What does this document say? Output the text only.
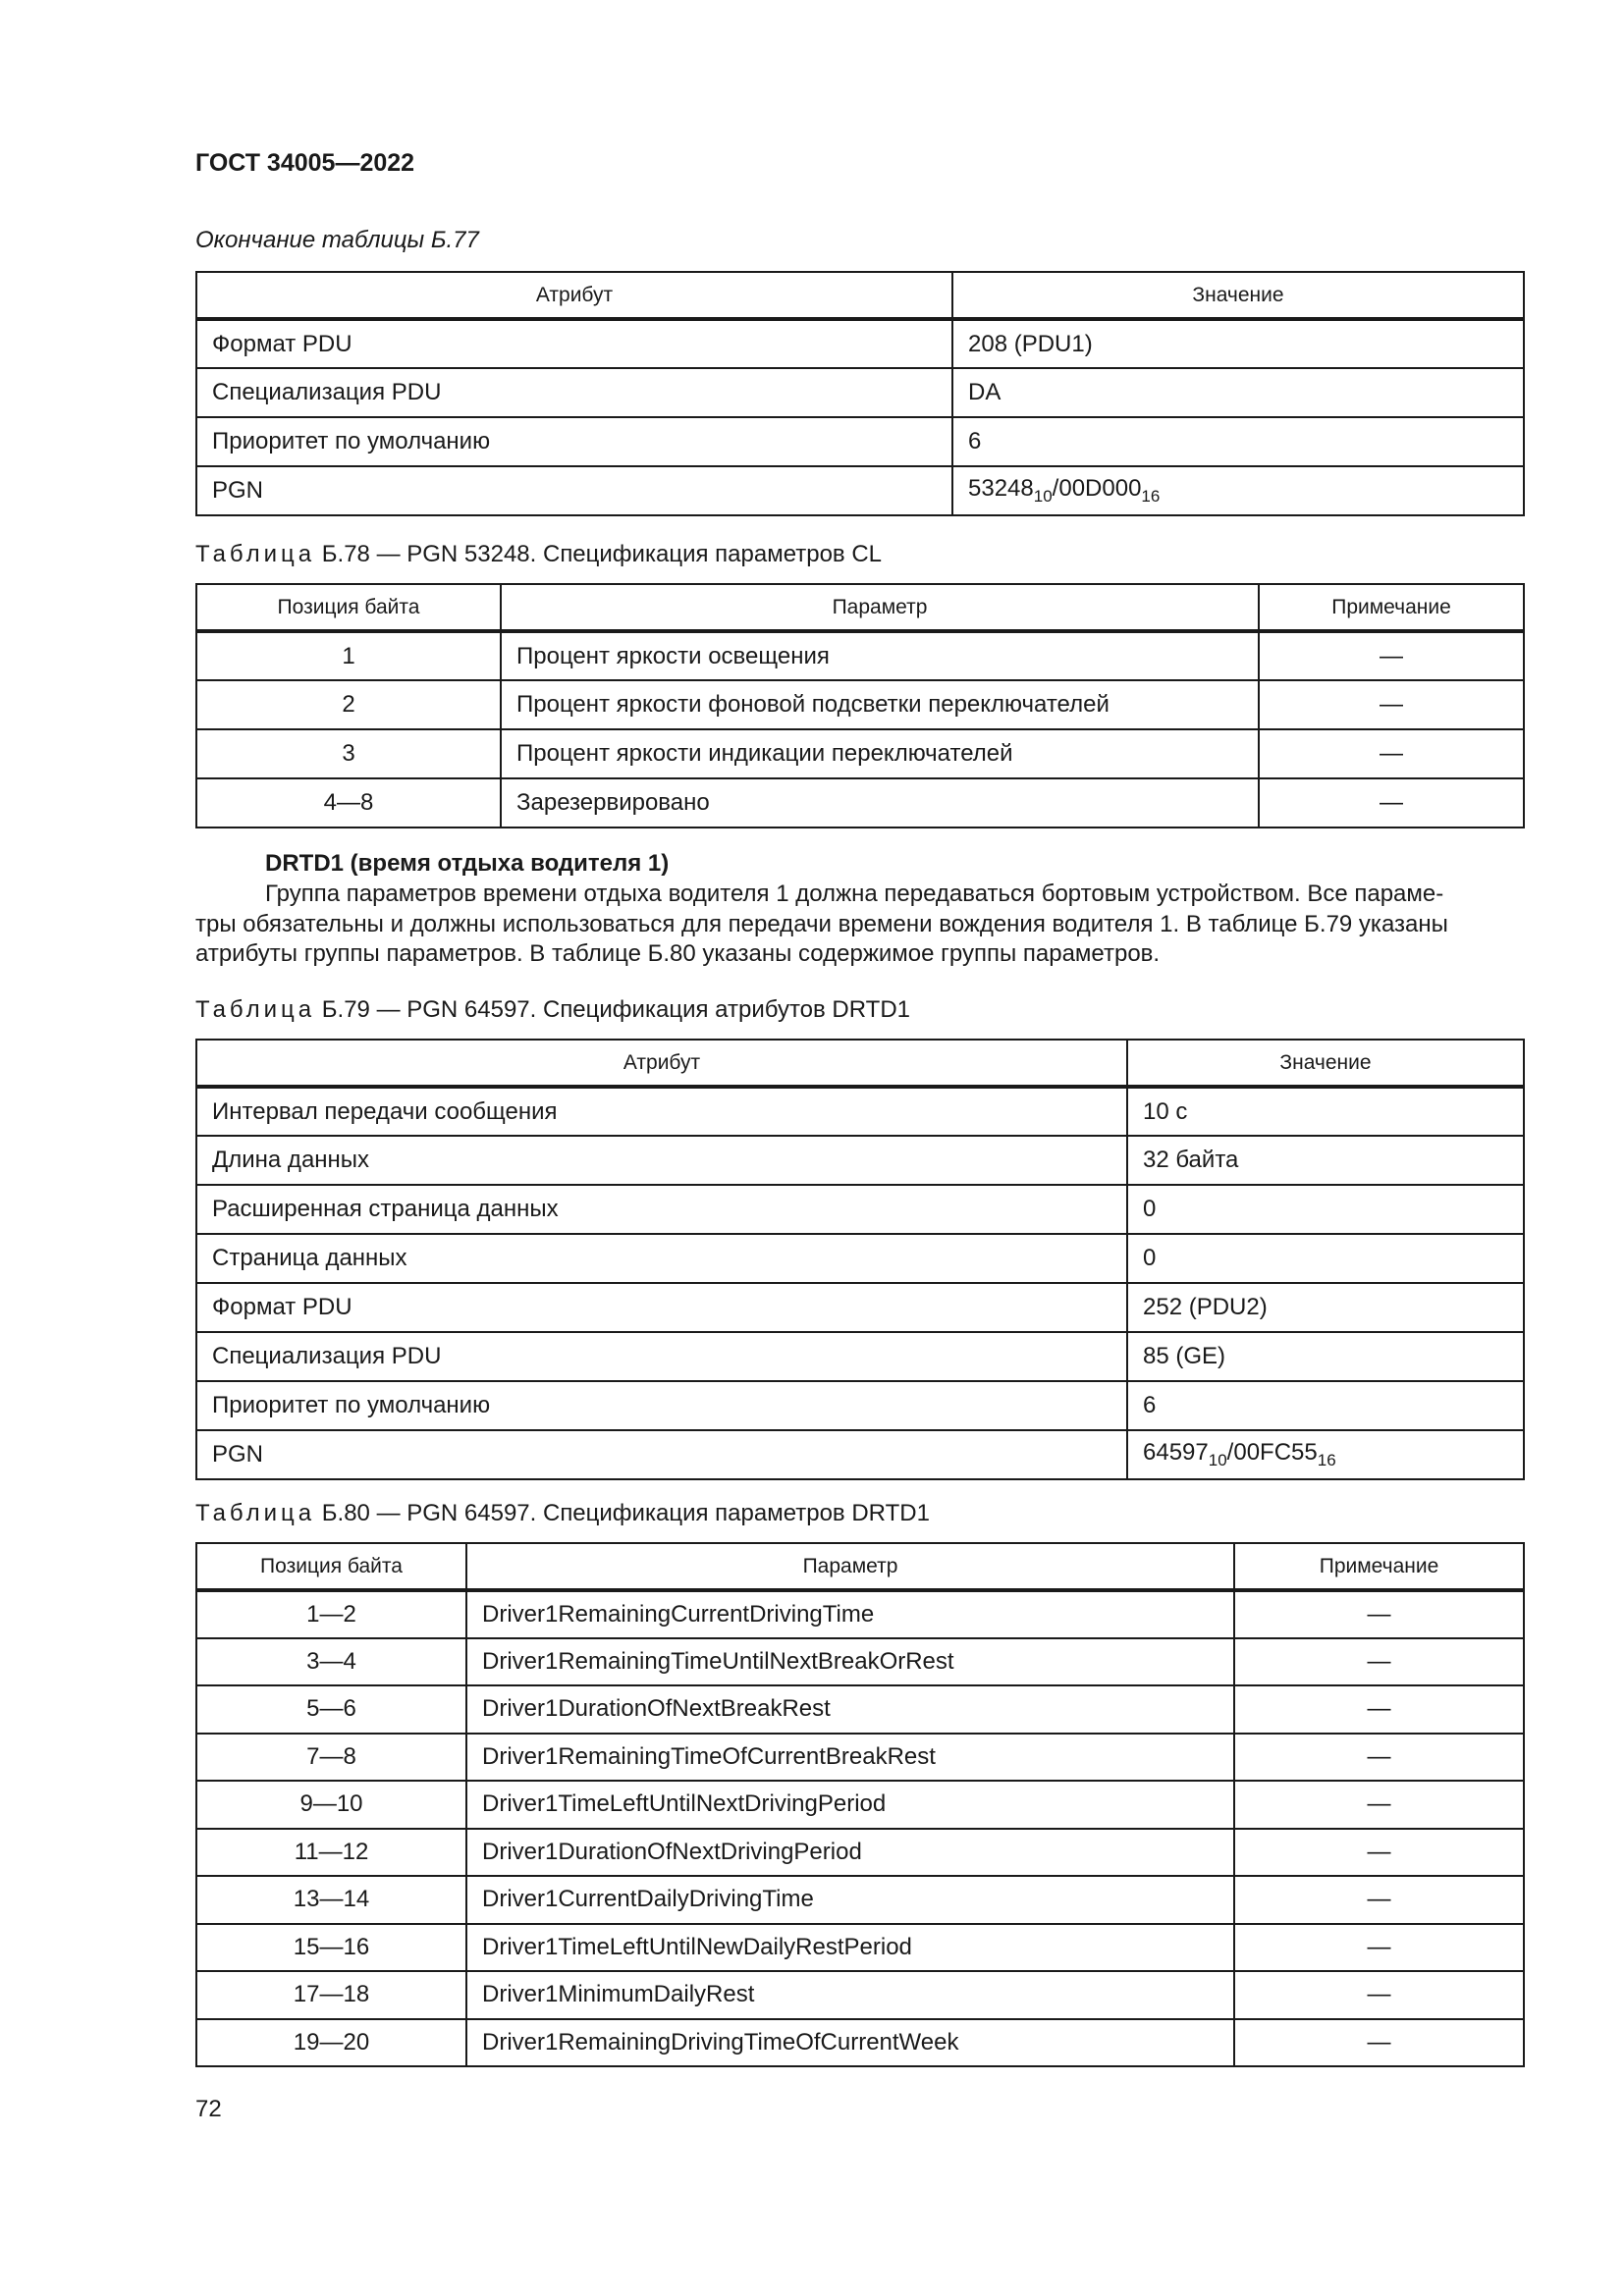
ГОСТ 34005—2022
Окончание таблицы Б.77
Атрибут	Значение
Формат PDU	208 (PDU1)
Специализация PDU	DA
Приоритет по умолчанию	6
PGN	$53248_{10}/00D000_{16}$
Таблица Б.78 — PGN 53248. Спецификация параметров CL
Позиция байта	Параметр	Примечание
1	Процент яркости освещения	—
2	Процент яркости фоновой подсветки переключателей	—
3	Процент яркости индикации переключателей	—
4—8	Зарезервировано	—
DRTD1 (время отдыха водителя 1)
Группа параметров времени отдыха водителя 1 должна передаваться бортовым устройством. Все параме-
тры обязательны и должны использоваться для передачи времени вождения водителя 1. В таблице Б.79 указаны
атрибуты группы параметров. В таблице Б.80 указаны содержимое группы параметров.
Таблица Б.79 — PGN 64597. Спецификация атрибутов DRTD1
Атрибут	Значение
Интервал передачи сообщения	10 с
Длина данных	32 байта
Расширенная страница данных	0
Страница данных	0
Формат PDU	252 (PDU2)
Специализация PDU	85 (GE)
Приоритет по умолчанию	6
PGN	$64597_{10}/00FC55_{16}$
Таблица Б.80 — PGN 64597. Спецификация параметров DRTD1
Позиция байта	Параметр	Примечание
1—2	Driver1RemainingCurrentDrivingTime	—
3—4	Driver1RemainingTimeUntilNextBreakOrRest	—
5—6	Driver1DurationOfNextBreakRest	—
7—8	Driver1RemainingTimeOfCurrentBreakRest	—
9—10	Driver1TimeLeftUntilNextDrivingPeriod	—
11—12	Driver1DurationOfNextDrivingPeriod	—
13—14	Driver1CurrentDailyDrivingTime	—
15—16	Driver1TimeLeftUntilNewDailyRestPeriod	—
17—18	Driver1MinimumDailyRest	—
19—20	Driver1RemainingDrivingTimeOfCurrentWeek	—
72
